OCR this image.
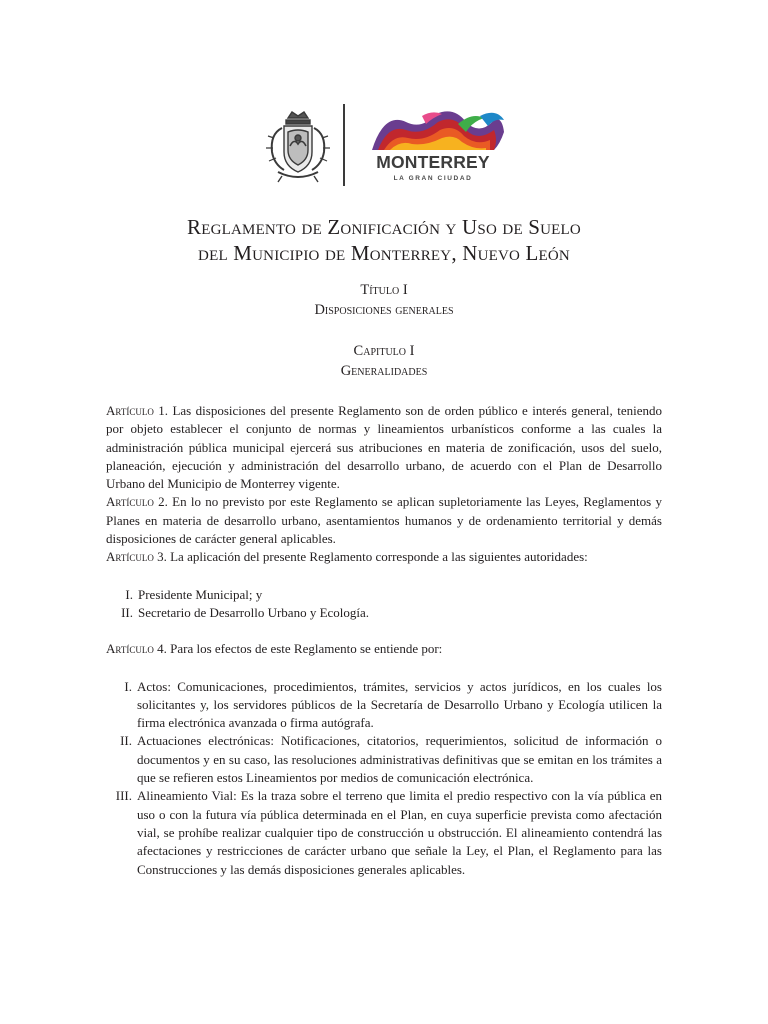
MONTERREY
LA GRAN CIUDAD
Reglamento de Zonificación y Uso de Suelo
del Municipio de Monterrey, Nuevo León
Título I
Disposiciones generales
Capitulo I
Generalidades

Artículo 1. Las disposiciones del presente Reglamento son de orden público e interés general, teniendo por objeto establecer el conjunto de normas y lineamientos urbanísticos conforme a las cuales la administración pública municipal ejercerá sus atribuciones en materia de zonificación, usos del suelo, planeación, ejecución y administración del desarrollo urbano, de acuerdo con el Plan de Desarrollo Urbano del Municipio de Monterrey vigente.

Artículo 2. En lo no previsto por este Reglamento se aplican supletoriamente las Leyes, Reglamentos y Planes en materia de desarrollo urbano, asentamientos humanos y de ordenamiento territorial y demás disposiciones de carácter general aplicables.

Artículo 3. La aplicación del presente Reglamento corresponde a las siguientes autoridades:

I. Presidente Municipal; y
II. Secretario de Desarrollo Urbano y Ecología.

Artículo 4. Para los efectos de este Reglamento se entiende por:

I. Actos: Comunicaciones, procedimientos, trámites, servicios y actos jurídicos, en los cuales los solicitantes y, los servidores públicos de la Secretaría de Desarrollo Urbano y Ecología utilicen la firma electrónica avanzada o firma autógrafa.
II. Actuaciones electrónicas: Notificaciones, citatorios, requerimientos, solicitud de información o documentos y en su caso, las resoluciones administrativas definitivas que se emitan en los trámites a que se refieren estos Lineamientos por medios de comunicación electrónica.
III. Alineamiento Vial: Es la traza sobre el terreno que limita el predio respectivo con la vía pública en uso o con la futura vía pública determinada en el Plan, en cuya superficie prevista como afectación vial, se prohíbe realizar cualquier tipo de construcción u obstrucción. El alineamiento contendrá las afectaciones y restricciones de carácter urbano que señale la Ley, el Plan, el Reglamento para las Construcciones y las demás disposiciones generales aplicables.
